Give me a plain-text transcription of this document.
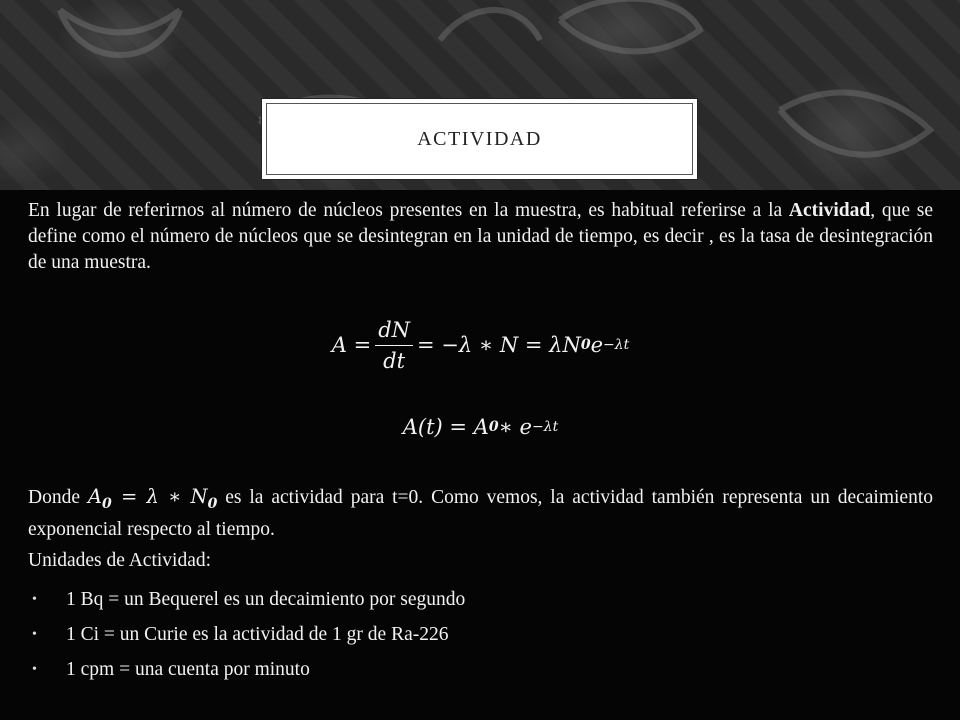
ACTIVIDAD

En lugar de referirnos al número de núcleos presentes en la muestra, es habitual referirse a la Actividad, que se define como el número de núcleos que se desintegran en la unidad de tiempo, es decir , es la tasa de desintegración de una muestra.

A
= $\frac{dN}{dt} = -\lambda$ ∗ N = λN 0 e −λt
A(t) = A 0 ∗ e −λt

Donde $A_0 = \lambda$ ∗ $N_0$ es la actividad para t=0. Como vemos, la actividad también representa un decaimiento exponencial respecto al tiempo.

Unidades de Actividad:
•	1 Bq = un Bequerel es un decaimiento por segundo
•	1 Ci = un Curie es la actividad de 1 gr de Ra-226
•	1 cpm = una cuenta por minuto
